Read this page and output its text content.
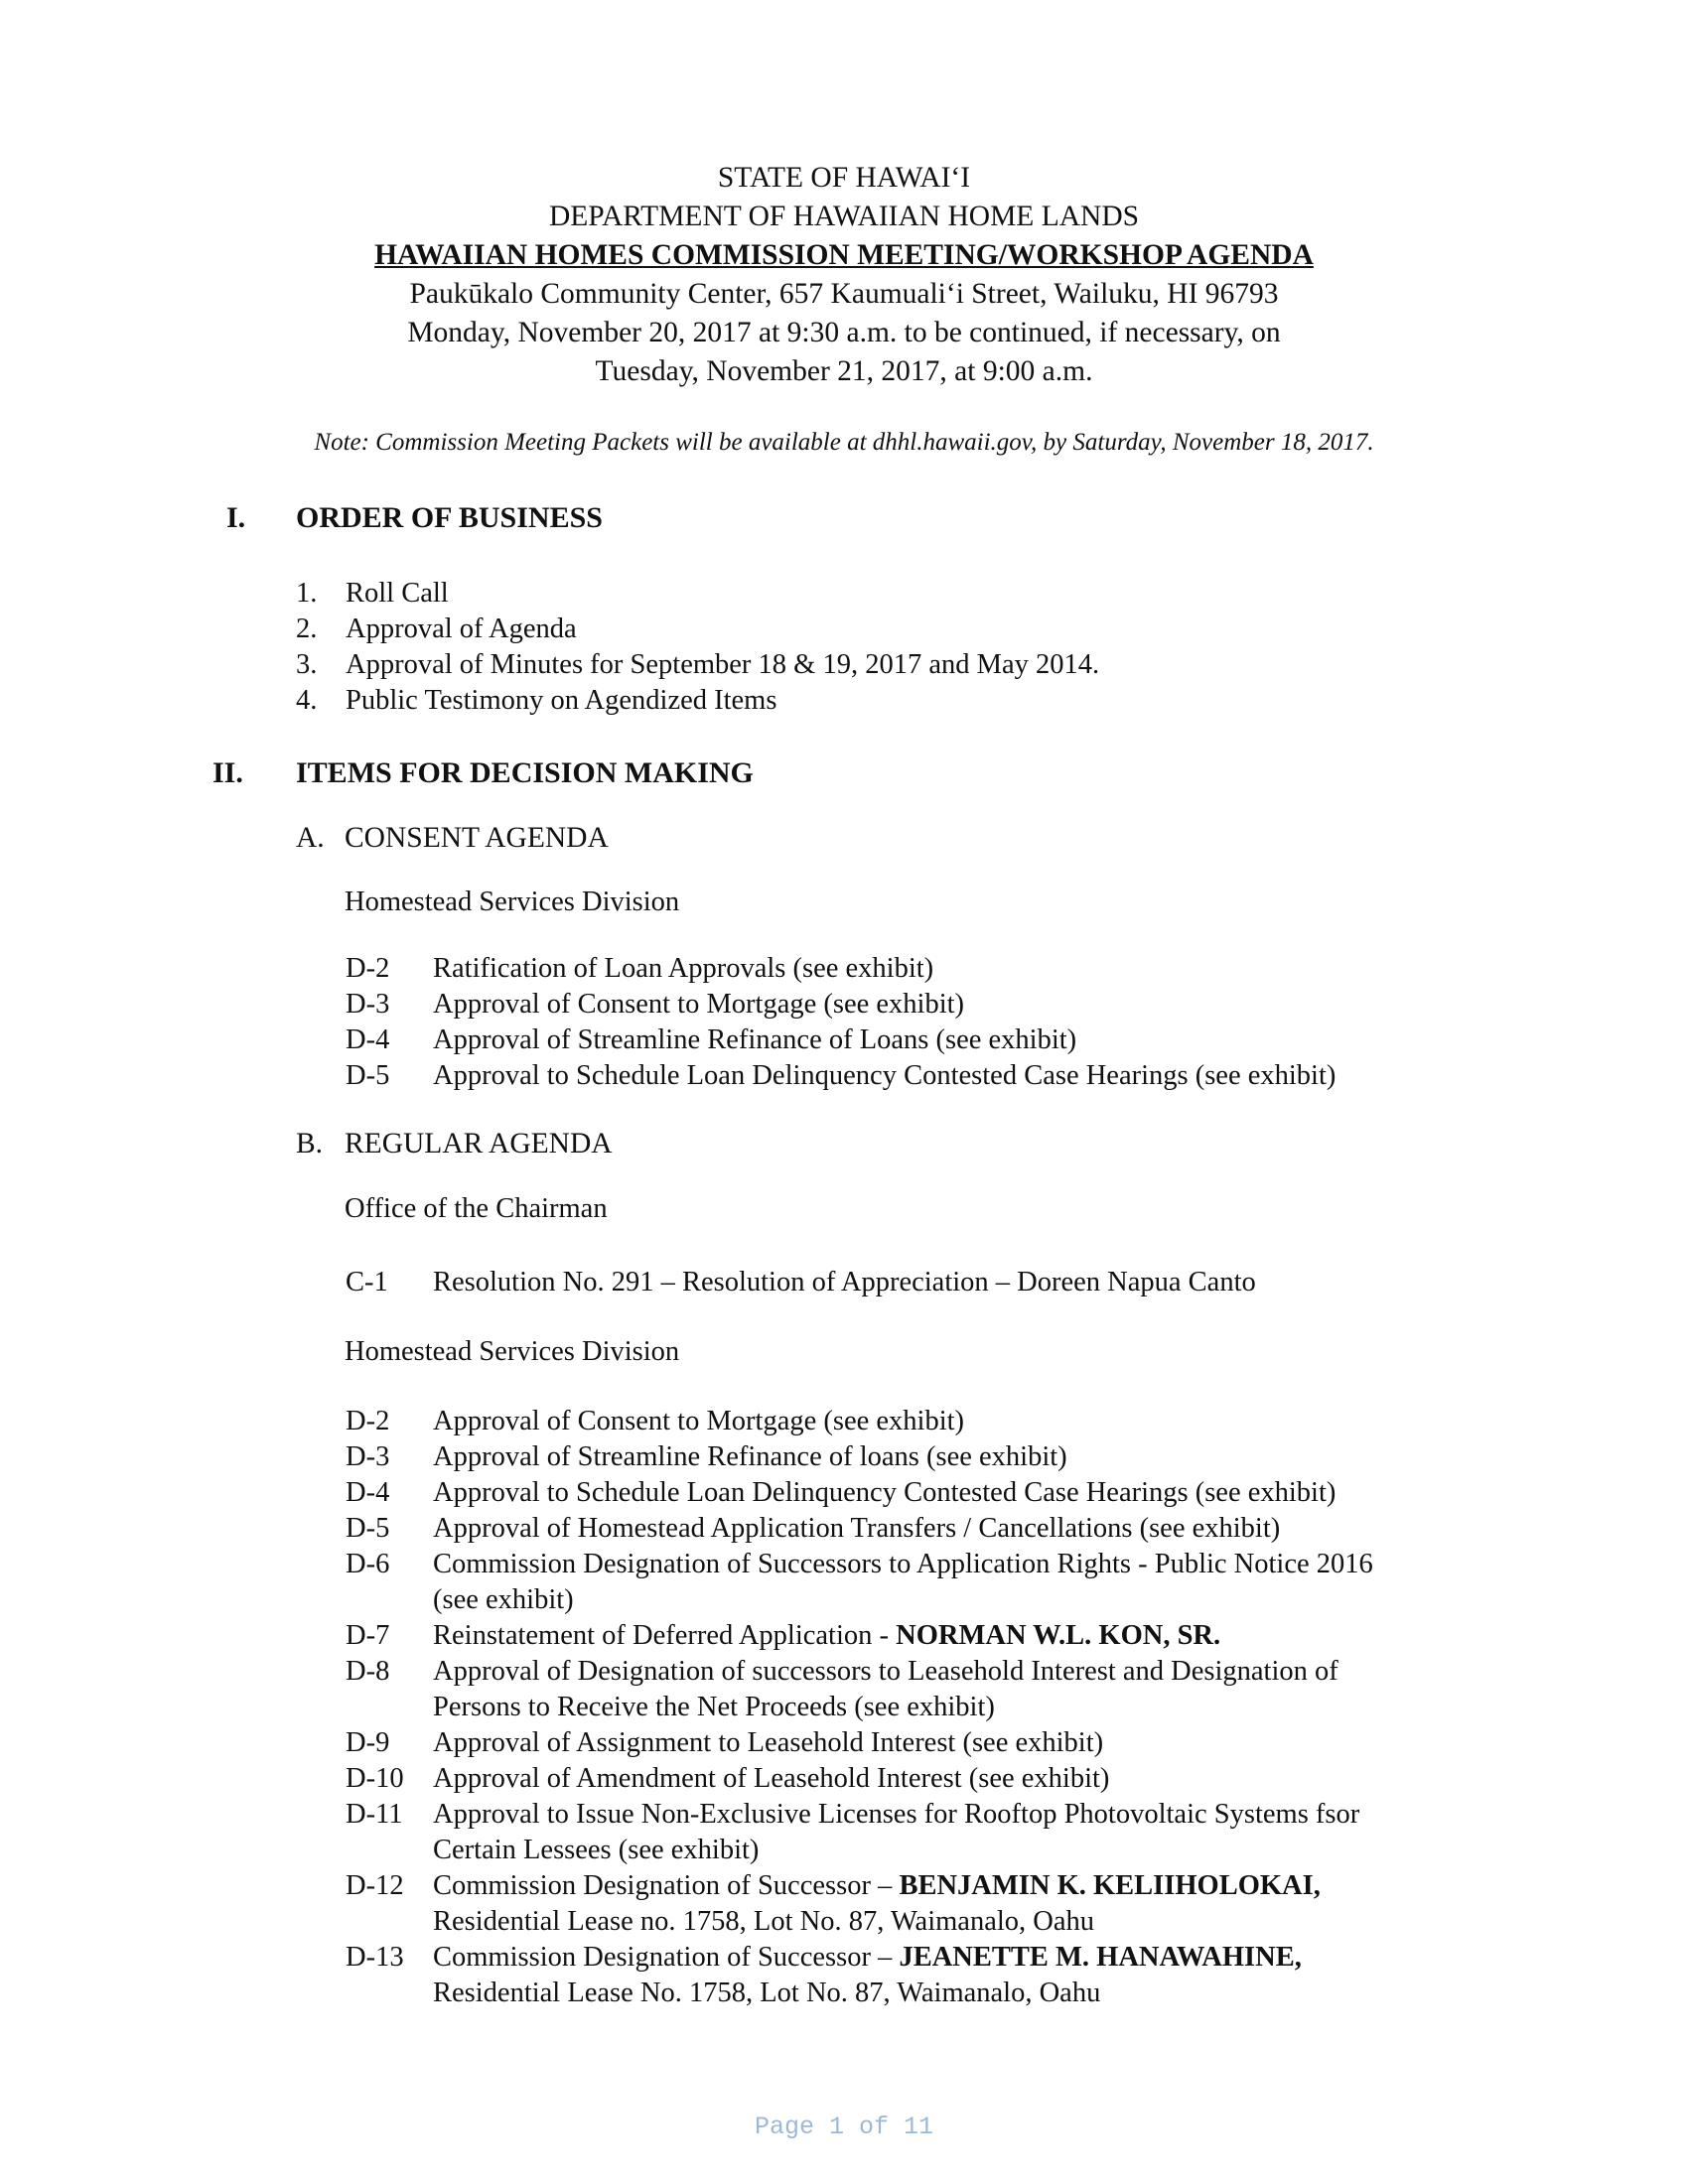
STATE OF HAWAI‘I
DEPARTMENT OF HAWAIIAN HOME LANDS
HAWAIIAN HOMES COMMISSION MEETING/WORKSHOP AGENDA
Paukūkalo Community Center, 657 Kaumuali‘i Street, Wailuku, HI 96793
Monday, November 20, 2017 at 9:30 a.m. to be continued, if necessary, on
Tuesday, November 21, 2017, at 9:00 a.m.
Note: Commission Meeting Packets will be available at dhhl.hawaii.gov, by Saturday, November 18, 2017.
I. ORDER OF BUSINESS
1. Roll Call
2. Approval of Agenda
3. Approval of Minutes for September 18 & 19, 2017 and May 2014.
4. Public Testimony on Agendized Items
II. ITEMS FOR DECISION MAKING
A. CONSENT AGENDA
Homestead Services Division
D-2 Ratification of Loan Approvals (see exhibit)
D-3 Approval of Consent to Mortgage (see exhibit)
D-4 Approval of Streamline Refinance of Loans (see exhibit)
D-5 Approval to Schedule Loan Delinquency Contested Case Hearings (see exhibit)
B. REGULAR AGENDA
Office of the Chairman
C-1 Resolution No. 291 – Resolution of Appreciation – Doreen Napua Canto
Homestead Services Division
D-2 Approval of Consent to Mortgage (see exhibit)
D-3 Approval of Streamline Refinance of loans (see exhibit)
D-4 Approval to Schedule Loan Delinquency Contested Case Hearings (see exhibit)
D-5 Approval of Homestead Application Transfers / Cancellations (see exhibit)
D-6 Commission Designation of Successors to Application Rights - Public Notice 2016
(see exhibit)
D-7 Reinstatement of Deferred Application - NORMAN W.L. KON, SR.
D-8 Approval of Designation of successors to Leasehold Interest and Designation of
Persons to Receive the Net Proceeds (see exhibit)
D-9 Approval of Assignment to Leasehold Interest (see exhibit)
D-10 Approval of Amendment of Leasehold Interest (see exhibit)
D-11 Approval to Issue Non-Exclusive Licenses for Rooftop Photovoltaic Systems fsor
Certain Lessees (see exhibit)
D-12 Commission Designation of Successor – BENJAMIN K. KELIIHOLOKAI,
Residential Lease no. 1758, Lot No. 87, Waimanalo, Oahu
D-13 Commission Designation of Successor – JEANETTE M. HANAWAHINE,
Residential Lease No. 1758, Lot No. 87, Waimanalo, Oahu
Page 1 of 11
